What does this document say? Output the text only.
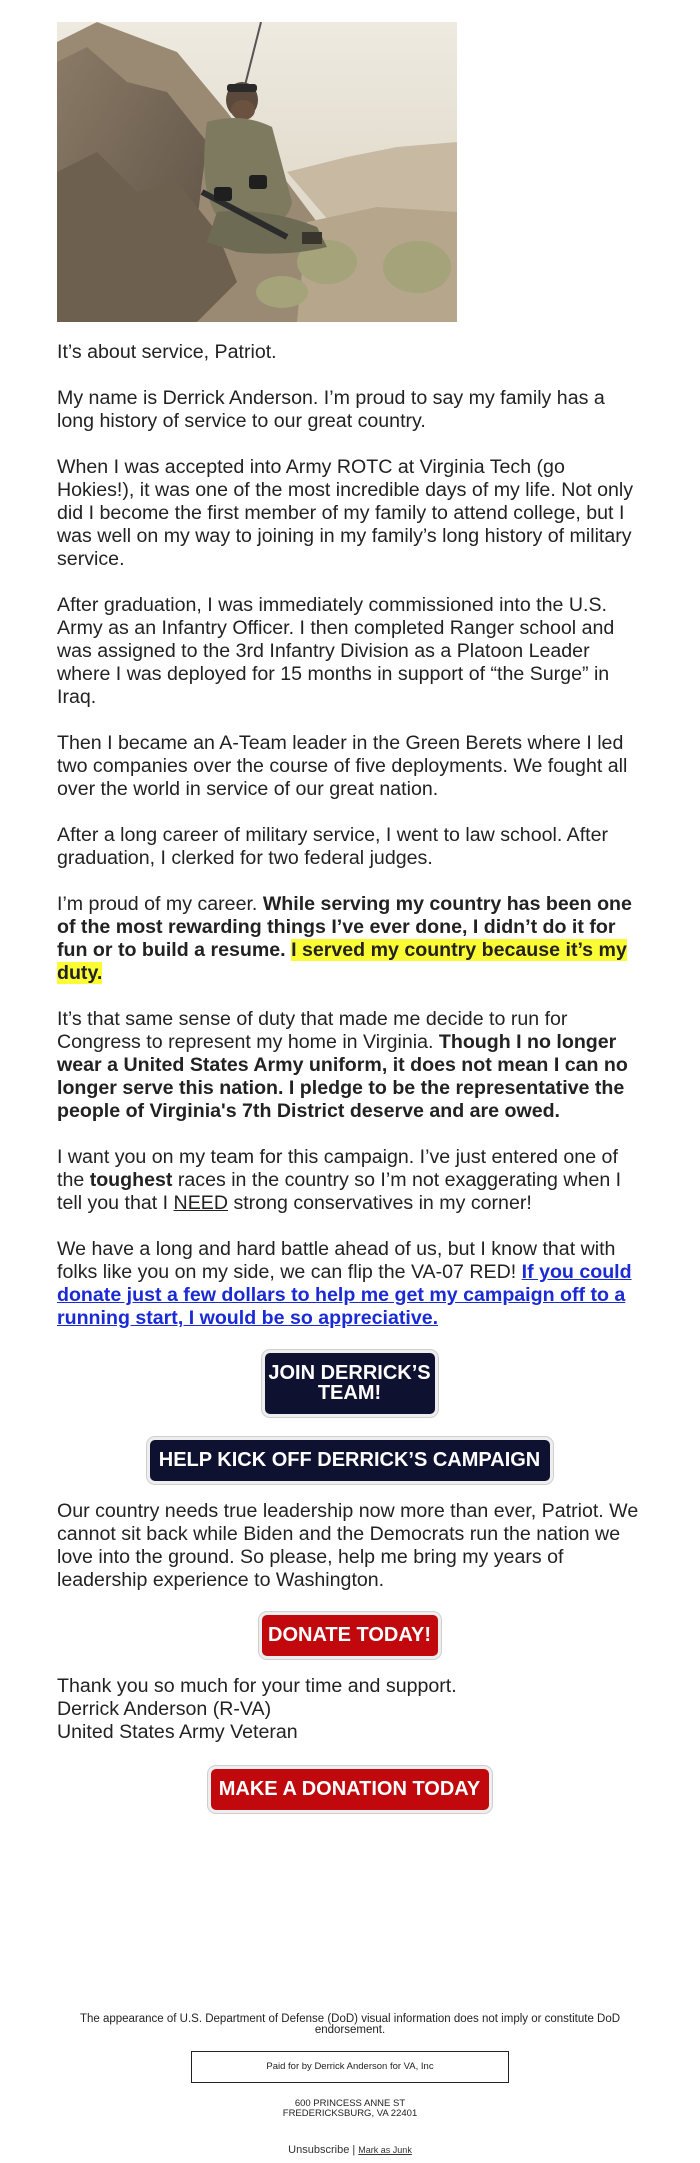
It’s about service, Patriot.

My name is Derrick Anderson. I’m proud to say my family has a long history of service to our great country.

When I was accepted into Army ROTC at Virginia Tech (go Hokies!), it was one of the most incredible days of my life. Not only did I become the first member of my family to attend college, but I was well on my way to joining in my family’s long history of military service.

After graduation, I was immediately commissioned into the U.S. Army as an Infantry Officer. I then completed Ranger school and was assigned to the 3rd Infantry Division as a Platoon Leader where I was deployed for 15 months in support of “the Surge” in Iraq.

Then I became an A-Team leader in the Green Berets where I led two companies over the course of five deployments. We fought all over the world in service of our great nation.

After a long career of military service, I went to law school. After graduation, I clerked for two federal judges.

I’m proud of my career. While serving my country has been one of the most rewarding things I’ve ever done, I didn’t do it for fun or to build a resume. I served my country because it’s my duty.

It’s that same sense of duty that made me decide to run for Congress to represent my home in Virginia. Though I no longer wear a United States Army uniform, it does not mean I can no longer serve this nation. I pledge to be the representative the people of Virginia's 7th District deserve and are owed.

I want you on my team for this campaign. I’ve just entered one of the toughest races in the country so I’m not exaggerating when I tell you that I NEED strong conservatives in my corner!

We have a long and hard battle ahead of us, but I know that with folks like you on my side, we can flip the VA-07 RED! If you could donate just a few dollars to help me get my campaign off to a running start, I would be so appreciative.

JOIN DERRICK’S TEAM!
HELP KICK OFF DERRICK’S CAMPAIGN

Our country needs true leadership now more than ever, Patriot. We cannot sit back while Biden and the Democrats run the nation we love into the ground. So please, help me bring my years of leadership experience to Washington.

DONATE TODAY!

Thank you so much for your time and support.
Derrick Anderson (R-VA)
United States Army Veteran

MAKE A DONATION TODAY
The appearance of U.S. Department of Defense (DoD) visual information does not imply or constitute DoD endorsement.
Paid for by Derrick Anderson for VA, Inc
600 PRINCESS ANNE ST
FREDERICKSBURG, VA 22401
Unsubscribe | Mark as Junk
